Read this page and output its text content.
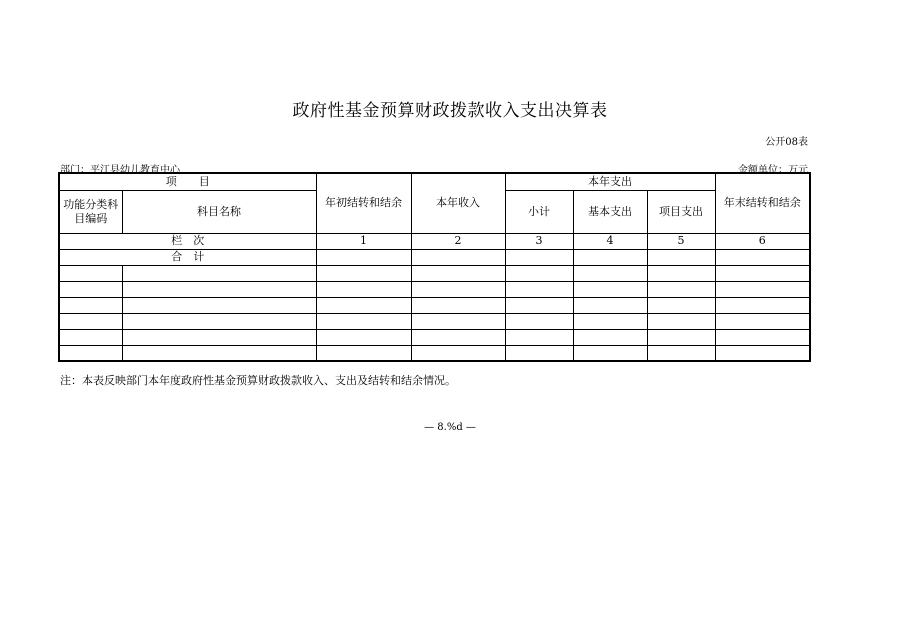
政府性基金预算财政拨款收入支出决算表
公开08表
部门：平江县幼儿教育中心	金额单位：万元
项　　目		年初结转和结余	本年收入	本年支出			年末结转和结余
功能分类科目编码	科目名称			小计	基本支出	项目支出	
栏　次		1	2	3	4	5	6
合　计							

注：本表反映部门本年度政府性基金预算财政拨款收入、支出及结转和结余情况。
— 8.%d —
